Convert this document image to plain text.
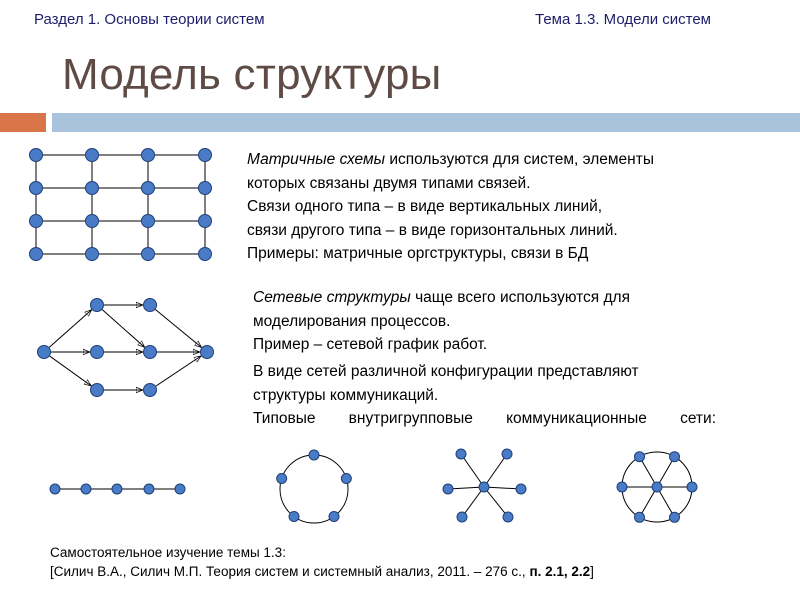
Раздел 1. Основы теории систем	Тема 1.3. Модели систем
Модель структуры
Матричные схемы используются для систем, элементы
которых связаны двумя типами связей.
Связи одного типа – в виде вертикальных линий,
связи другого типа – в виде горизонтальных линий.
Примеры: матричные оргструктуры, связи в БД
Сетевые структуры чаще всего используются для
моделирования процессов.
Пример – сетевой график работ.
В виде сетей различной конфигурации представляют
структуры коммуникаций.
Типовые внутригрупповые коммуникационные сети:
Самостоятельное изучение темы 1.3:
[Силич В.А., Силич М.П. Теория систем и системный анализ, 2011. – 276 с., п. 2.1, 2.2]
